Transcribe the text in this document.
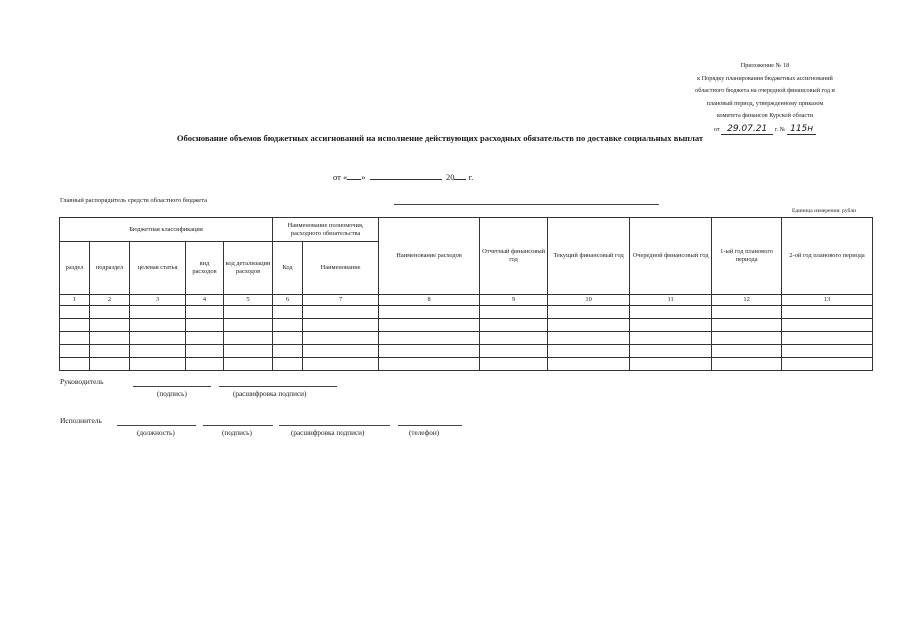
Приложение № 18
к Порядку планирования бюджетных ассигнований
областного бюджета на очередной финансовый год и
плановый период, утвержденному приказом
комитета финансов Курской области
от 29.07.21 г. № 115н
Обоснование объемов бюджетных ассигнований на исполнение действующих расходных обязательств по доставке социальных выплат
от « »	20 г.
Главный распорядитель средств областного бюджета
Единица измерения: рубли
Бюджетная классификация					Наименование полномочия, расходного обязательства		Наименование расходов	Отчетный финансовый год	Текущий финансовый год	Очередной финансовый год	1-ый год планового периода	2-ой год планового периода
раздел	подраздел	целевая статья	вид расходов	код детализации расходов	Код	Наименование						
1	2	3	4	5	6	7	8	9	10	11	12	13

Руководитель
(подпись)	(расшифровка подписи)
Исполнитель
(должность)	(подпись)	(расшифровка подписи)	(телефон)
